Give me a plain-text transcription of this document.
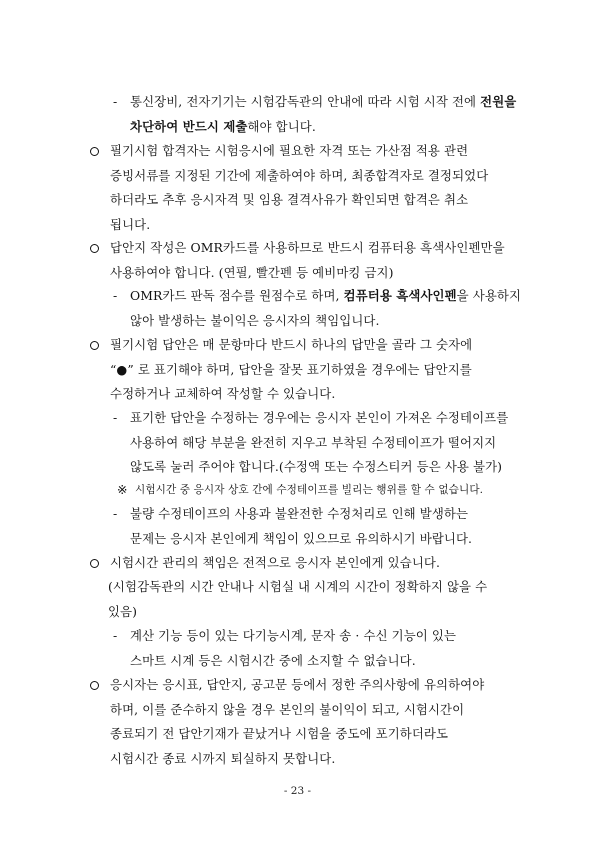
- 통신장비, 전자기기는 시험감독관의 안내에 따라 시험 시작 전에 전원을
차단하여 반드시 제출해야 합니다.
필기시험 합격자는 시험응시에 필요한 자격 또는 가산점 적용 관련
증빙서류를 지정된 기간에 제출하여야 하며, 최종합격자로 결정되었다
하더라도 추후 응시자격 및 임용 결격사유가 확인되면 합격은 취소
됩니다.
답안지 작성은 OMR카드를 사용하므로 반드시 컴퓨터용 흑색사인펜만을
사용하여야 합니다. (연필, 빨간펜 등 예비마킹 금지)
- OMR카드 판독 점수를 원점수로 하며, 컴퓨터용 흑색사인펜을 사용하지
않아 발생하는 불이익은 응시자의 책임입니다.
필기시험 답안은 매 문항마다 반드시 하나의 답만을 골라 그 숫자에
“●” 로 표기해야 하며, 답안을 잘못 표기하였을 경우에는 답안지를
수정하거나 교체하여 작성할 수 있습니다.
- 표기한 답안을 수정하는 경우에는 응시자 본인이 가져온 수정테이프를
사용하여 해당 부분을 완전히 지우고 부착된 수정테이프가 떨어지지
않도록 눌러 주어야 합니다.(수정액 또는 수정스티커 등은 사용 불가)
※ 시험시간 중 응시자 상호 간에 수정테이프를 빌리는 행위를 할 수 없습니다.
- 불량 수정테이프의 사용과 불완전한 수정처리로 인해 발생하는
문제는 응시자 본인에게 책임이 있으므로 유의하시기 바랍니다.
시험시간 관리의 책임은 전적으로 응시자 본인에게 있습니다.
(시험감독관의 시간 안내나 시험실 내 시계의 시간이 정확하지 않을 수
있음)
- 계산 기능 등이 있는 다기능시계, 문자 송 · 수신 기능이 있는
스마트 시계 등은 시험시간 중에 소지할 수 없습니다.
응시자는 응시표, 답안지, 공고문 등에서 정한 주의사항에 유의하여야
하며, 이를 준수하지 않을 경우 본인의 불이익이 되고, 시험시간이
종료되기 전 답안기재가 끝났거나 시험을 중도에 포기하더라도
시험시간 종료 시까지 퇴실하지 못합니다.
- 23 -
